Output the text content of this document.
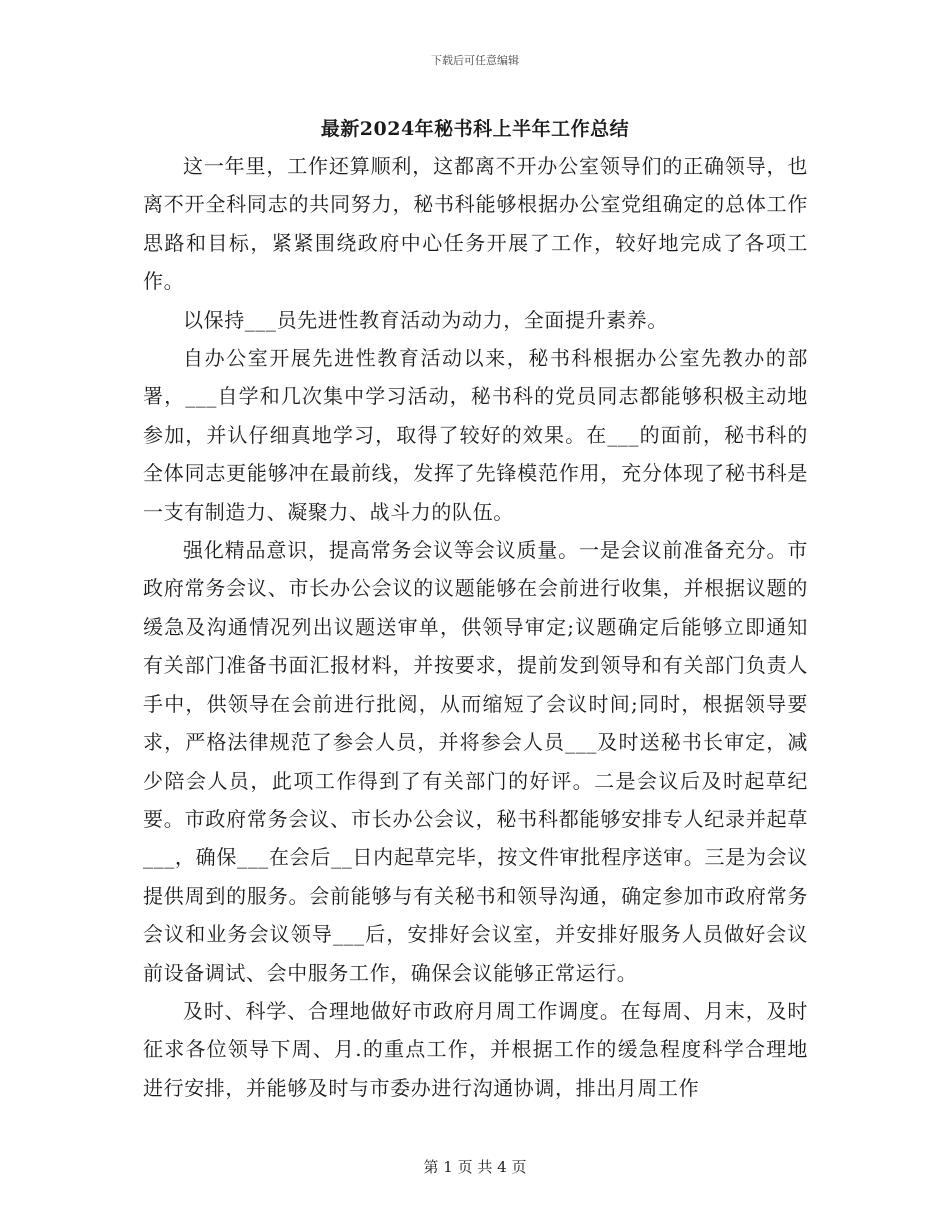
下载后可任意编辑
最新2024年秘书科上半年工作总结

这一年里，工作还算顺利，这都离不开办公室领导们的正确领导，也离不开全科同志的共同努力，秘书科能够根据办公室党组确定的总体工作思路和目标，紧紧围绕政府中心任务开展了工作，较好地完成了各项工作。

以保持___员先进性教育活动为动力，全面提升素养。

自办公室开展先进性教育活动以来，秘书科根据办公室先教办的部署，___自学和几次集中学习活动，秘书科的党员同志都能够积极主动地参加，并认仔细真地学习，取得了较好的效果。在___的面前，秘书科的全体同志更能够冲在最前线，发挥了先锋模范作用，充分体现了秘书科是一支有制造力、凝聚力、战斗力的队伍。

强化精品意识，提高常务会议等会议质量。一是会议前准备充分。市政府常务会议、市长办公会议的议题能够在会前进行收集，并根据议题的缓急及沟通情况列出议题送审单，供领导审定;议题确定后能够立即通知有关部门准备书面汇报材料，并按要求，提前发到领导和有关部门负责人手中，供领导在会前进行批阅，从而缩短了会议时间;同时，根据领导要求，严格法律规范了参会人员，并将参会人员___及时送秘书长审定，减少陪会人员，此项工作得到了有关部门的好评。二是会议后及时起草纪要。市政府常务会议、市长办公会议，秘书科都能够安排专人纪录并起草___，确保___在会后__日内起草完毕，按文件审批程序送审。三是为会议提供周到的服务。会前能够与有关秘书和领导沟通，确定参加市政府常务会议和业务会议领导___后，安排好会议室，并安排好服务人员做好会议前设备调试、会中服务工作，确保会议能够正常运行。

及时、科学、合理地做好市政府月周工作调度。在每周、月末，及时征求各位领导下周、月.的重点工作，并根据工作的缓急程度科学合理地进行安排，并能够及时与市委办进行沟通协调，排出月周工作

第 1 页 共 4 页
